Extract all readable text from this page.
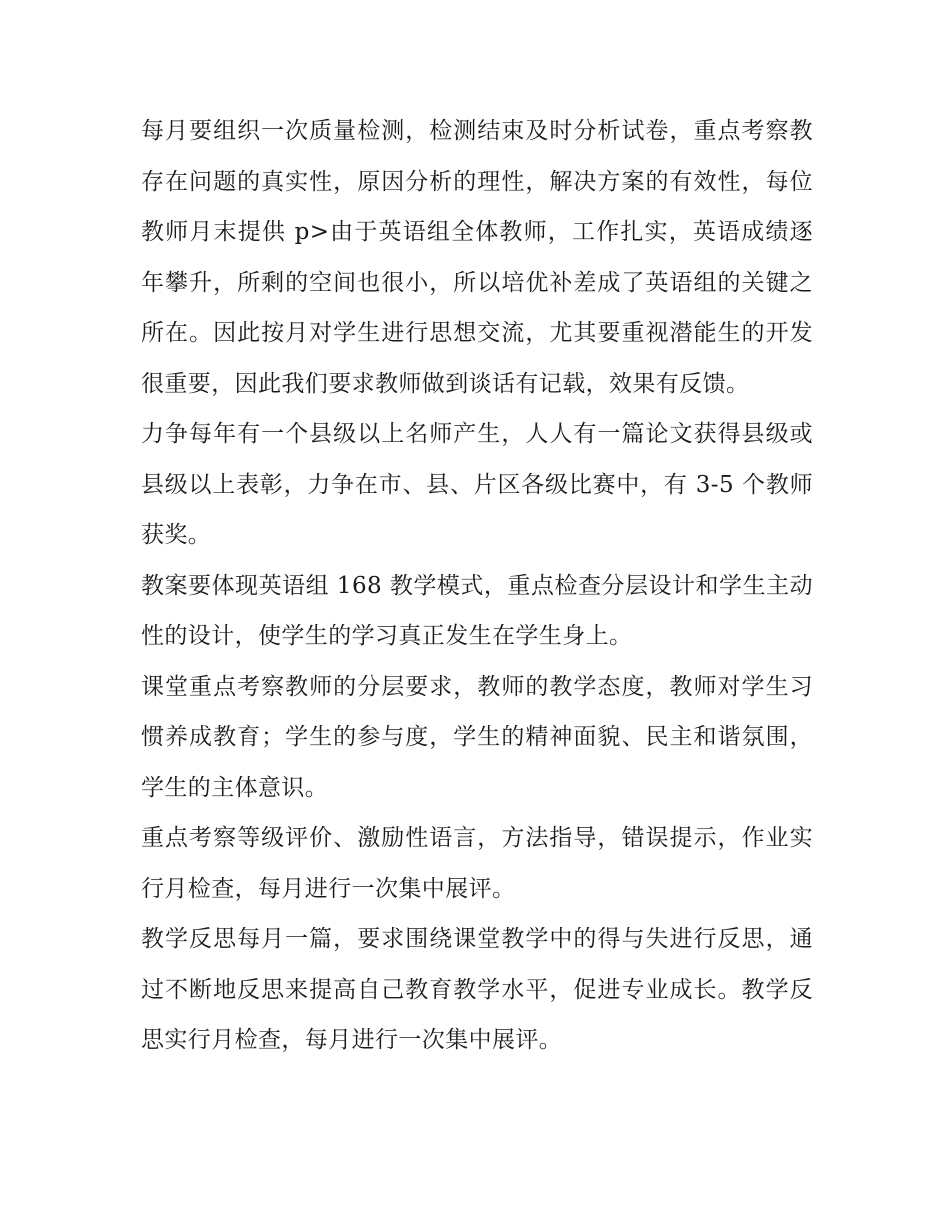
每月要组织一次质量检测，检测结束及时分析试卷，重点考察教存在问题的真实性，原因分析的理性，解决方案的有效性，每位教师月末提供 p>由于英语组全体教师，工作扎实，英语成绩逐年攀升，所剩的空间也很小，所以培优补差成了英语组的关键之所在。因此按月对学生进行思想交流，尤其要重视潜能生的开发很重要，因此我们要求教师做到谈话有记载，效果有反馈。

力争每年有一个县级以上名师产生，人人有一篇论文获得县级或县级以上表彰，力争在市、县、片区各级比赛中，有 3-5 个教师获奖。

教案要体现英语组 168 教学模式，重点检查分层设计和学生主动性的设计，使学生的学习真正发生在学生身上。

课堂重点考察教师的分层要求，教师的教学态度，教师对学生习惯养成教育；学生的参与度，学生的精神面貌、民主和谐氛围，学生的主体意识。

重点考察等级评价、激励性语言，方法指导，错误提示，作业实行月检查，每月进行一次集中展评。

教学反思每月一篇，要求围绕课堂教学中的得与失进行反思，通过不断地反思来提高自己教育教学水平，促进专业成长。教学反思实行月检查，每月进行一次集中展评。
